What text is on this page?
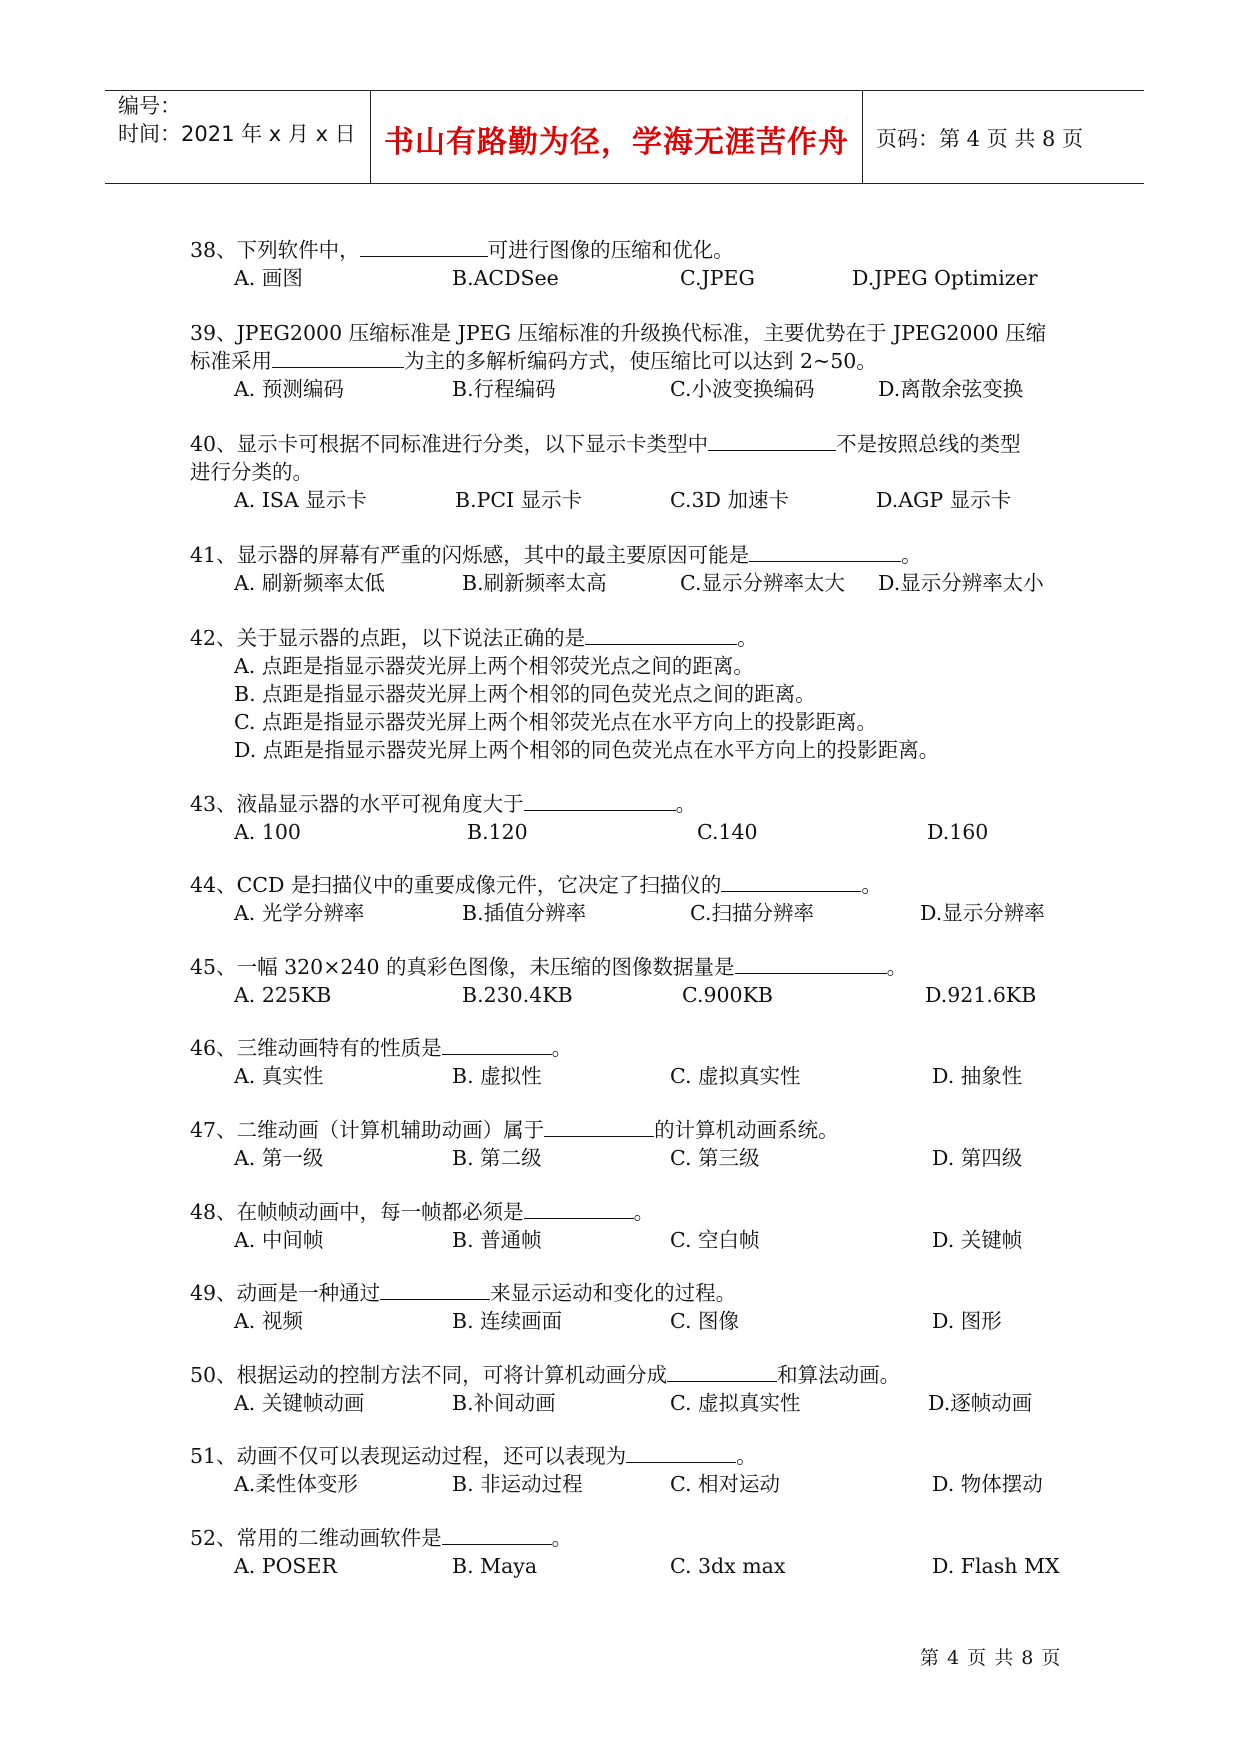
编号：
时间：2021 年 x 月 x 日 书山有路勤为径，学海无涯苦作舟	页码：第 4 页 共 8 页
38、下列软件中，	可进行图像的压缩和优化。
A. 画图	B.ACDSee	C.JPEG	D.JPEG Optimizer
39、JPEG2000 压缩标准是 JPEG 压缩标准的升级换代标准，主要优势在于 JPEG2000 压缩
标准采用	为主的多解析编码方式，使压缩比可以达到 2~50。
A. 预测编码	B.行程编码	C.小波变换编码	D.离散余弦变换
40、显示卡可根据不同标准进行分类，以下显示卡类型中	不是按照总线的类型
进行分类的。
A. ISA 显示卡	B.PCI 显示卡	C.3D 加速卡	D.AGP 显示卡
41、显示器的屏幕有严重的闪烁感，其中的最主要原因可能是	。
A. 刷新频率太低	B.刷新频率太高	C.显示分辨率太大 D.显示分辨率太小
42、关于显示器的点距，以下说法正确的是	。
A. 点距是指显示器荧光屏上两个相邻荧光点之间的距离。
B. 点距是指显示器荧光屏上两个相邻的同色荧光点之间的距离。
C. 点距是指显示器荧光屏上两个相邻荧光点在水平方向上的投影距离。
D. 点距是指显示器荧光屏上两个相邻的同色荧光点在水平方向上的投影距离。
43、液晶显示器的水平可视角度大于	。
A. 100	B.120	C.140	D.160
44、CCD 是扫描仪中的重要成像元件，它决定了扫描仪的	。
A. 光学分辨率	B.插值分辨率	C.扫描分辨率	D.显示分辨率
45、一幅 320×240 的真彩色图像，未压缩的图像数据量是	。
A. 225KB	B.230.4KB	C.900KB	D.921.6KB
46、三维动画特有的性质是	。
A. 真实性	B. 虚拟性	C. 虚拟真实性	D. 抽象性
47、二维动画（计算机辅助动画）属于	的计算机动画系统。
A. 第一级	B. 第二级	C. 第三级	D. 第四级
48、在帧帧动画中，每一帧都必须是	。
A. 中间帧	B. 普通帧	C. 空白帧	D. 关键帧
49、动画是一种通过	来显示运动和变化的过程。
A. 视频	B. 连续画面	C. 图像	D. 图形
50、根据运动的控制方法不同，可将计算机动画分成	和算法动画。
A. 关键帧动画	B.补间动画	C. 虚拟真实性	D.逐帧动画
51、动画不仅可以表现运动过程，还可以表现为	。
A.柔性体变形	B. 非运动过程	C. 相对运动	D. 物体摆动
52、常用的二维动画软件是	。
A. POSER	B. Maya	C. 3dx max	D. Flash MX
第 4 页 共 8 页
